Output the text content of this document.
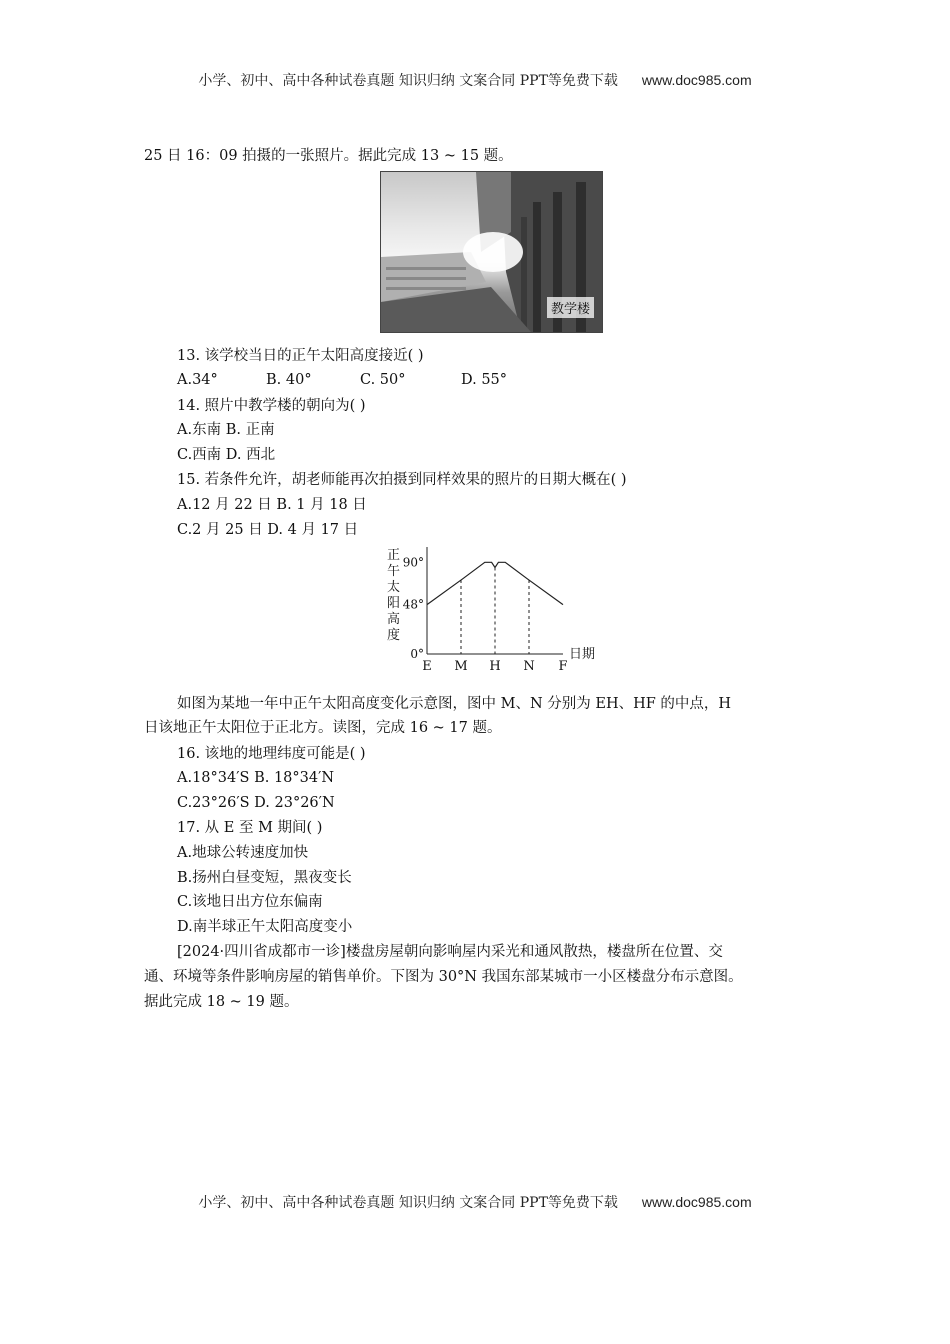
小学、初中、高中各种试卷真题 知识归纳 文案合同 PPT等免费下载 www.doc985.com
25 日 16：09 拍摄的一张照片。据此完成 13 ~ 15 题。
教学楼
13. 该学校当日的正午太阳高度接近( )
A.34°	B. 40°	C. 50°	D. 55°
14. 照片中教学楼的朝向为( )
A.东南 B. 正南
C.西南 D. 西北
15. 若条件允许，胡老师能再次拍摄到同样效果的照片的日期大概在( )
A.12 月 22 日 B. 1 月 18 日
C.2 月 25 日 D. 4 月 17 日
正
午
太
阳
高
度
90°
48°
0°
E M H N F
日期
如图为某地一年中正午太阳高度变化示意图，图中 M、N 分别为 EH、HF 的中点，H
日该地正午太阳位于正北方。读图，完成 16 ~ 17 题。
16. 该地的地理纬度可能是( )
A.18°34′S B. 18°34′N
C.23°26′S D. 23°26′N
17. 从 E 至 M 期间( )
A.地球公转速度加快
B.扬州白昼变短，黑夜变长
C.该地日出方位东偏南
D.南半球正午太阳高度变小
[2024·四川省成都市一诊]楼盘房屋朝向影响屋内采光和通风散热，楼盘所在位置、交
通、环境等条件影响房屋的销售单价。下图为 30°N 我国东部某城市一小区楼盘分布示意图。
据此完成 18 ~ 19 题。
小学、初中、高中各种试卷真题 知识归纳 文案合同 PPT等免费下载 www.doc985.com
